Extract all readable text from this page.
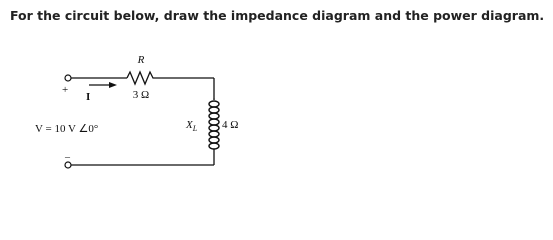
For the circuit below, draw the impedance diagram and the power diagram.
R
3 Ω
+
I
V = 10 V ∠0°
–
$X_L$ 4 Ω
